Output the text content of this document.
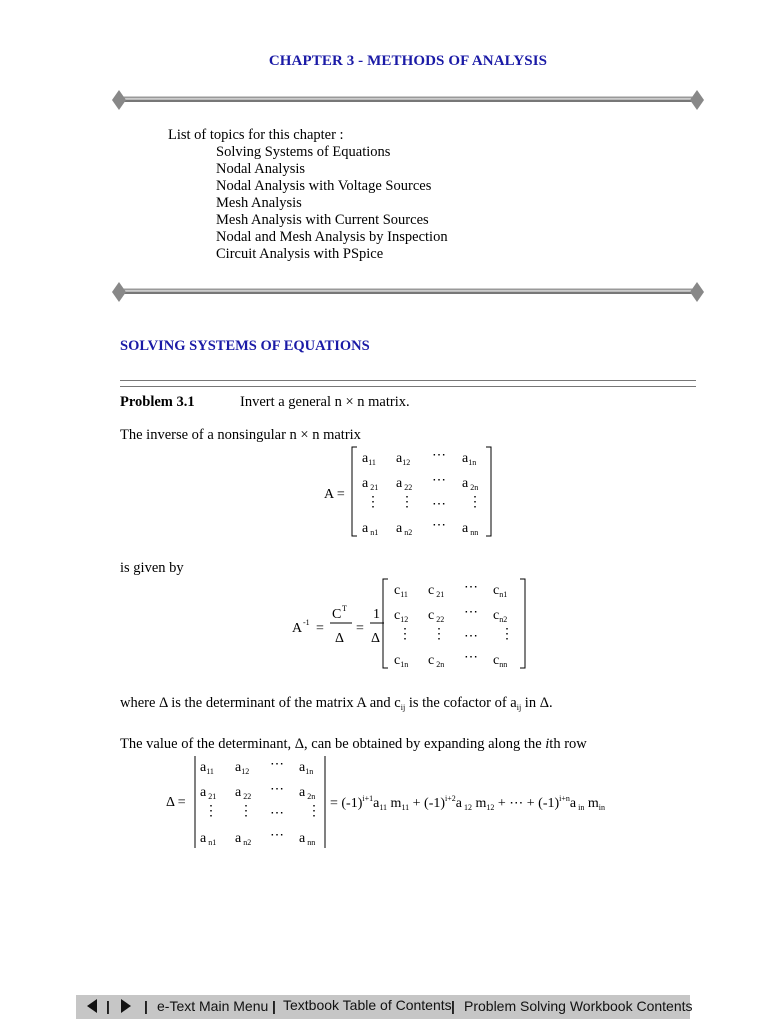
CHAPTER 3 - METHODS OF ANALYSIS
List of topics for this chapter :
Solving Systems of Equations
Nodal Analysis
Nodal Analysis with Voltage Sources
Mesh Analysis
Mesh Analysis with Current Sources
Nodal and Mesh Analysis by Inspection
Circuit Analysis with PSpice
SOLVING SYSTEMS OF EQUATIONS
Problem 3.1	Invert a general n × n matrix.
The inverse of a nonsingular n × n matrix
A =
$a_{11}$ $a_{12}$ ⋯ $a_{1n}$
a $_{21}$ a $_{22}$ ⋯ a $_{2n}$
⋮ ⋮ ⋯ ⋮
a $_{n1}$ a $_{n2}$ ⋯ a $_{nn}$
is given by
A -1 =
C T
Δ
=
1
Δ
$c_{11}$ c $_{21}$ ⋯ $c_{n1}$
$c_{12}$ c $_{22}$ ⋯ $c_{n2}$
⋮ ⋮ ⋯ ⋮
$c_{1n}$ c $_{2n}$ ⋯ $c_{nn}$
where Δ is the determinant of the matrix A and $c_{ij}$ is the cofactor of $a_{ij}$ in Δ.
The value of the determinant, Δ, can be obtained by expanding along the ith row
Δ =
$a_{11}$ $a_{12}$ ⋯ $a_{1n}$
a $_{21}$ a $_{22}$ ⋯ a $_{2n}$
⋮ ⋮ ⋯ ⋮
a $_{n1}$ a $_{n2}$ ⋯ a $_{nn}$
= $(-1)^{i+1}a_{11}$ $m_{11} + (-1)^{i+2}a$ $_{12}$ $m_{12}$ + ⋯ + $(-1)^{i+n}a$ $_{in}$ $m_{in}$
| | e-Text Main Menu | Textbook Table of Contents | Problem Solving Workbook Contents
